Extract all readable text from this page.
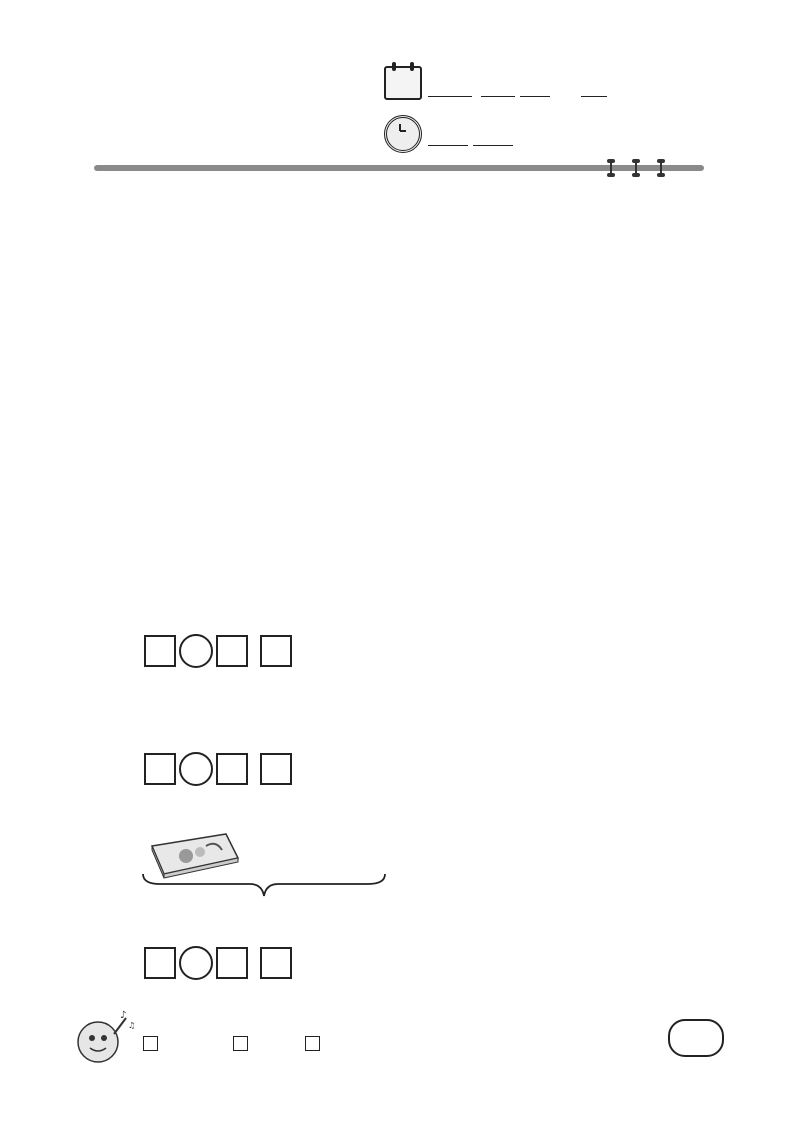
♪
♫
